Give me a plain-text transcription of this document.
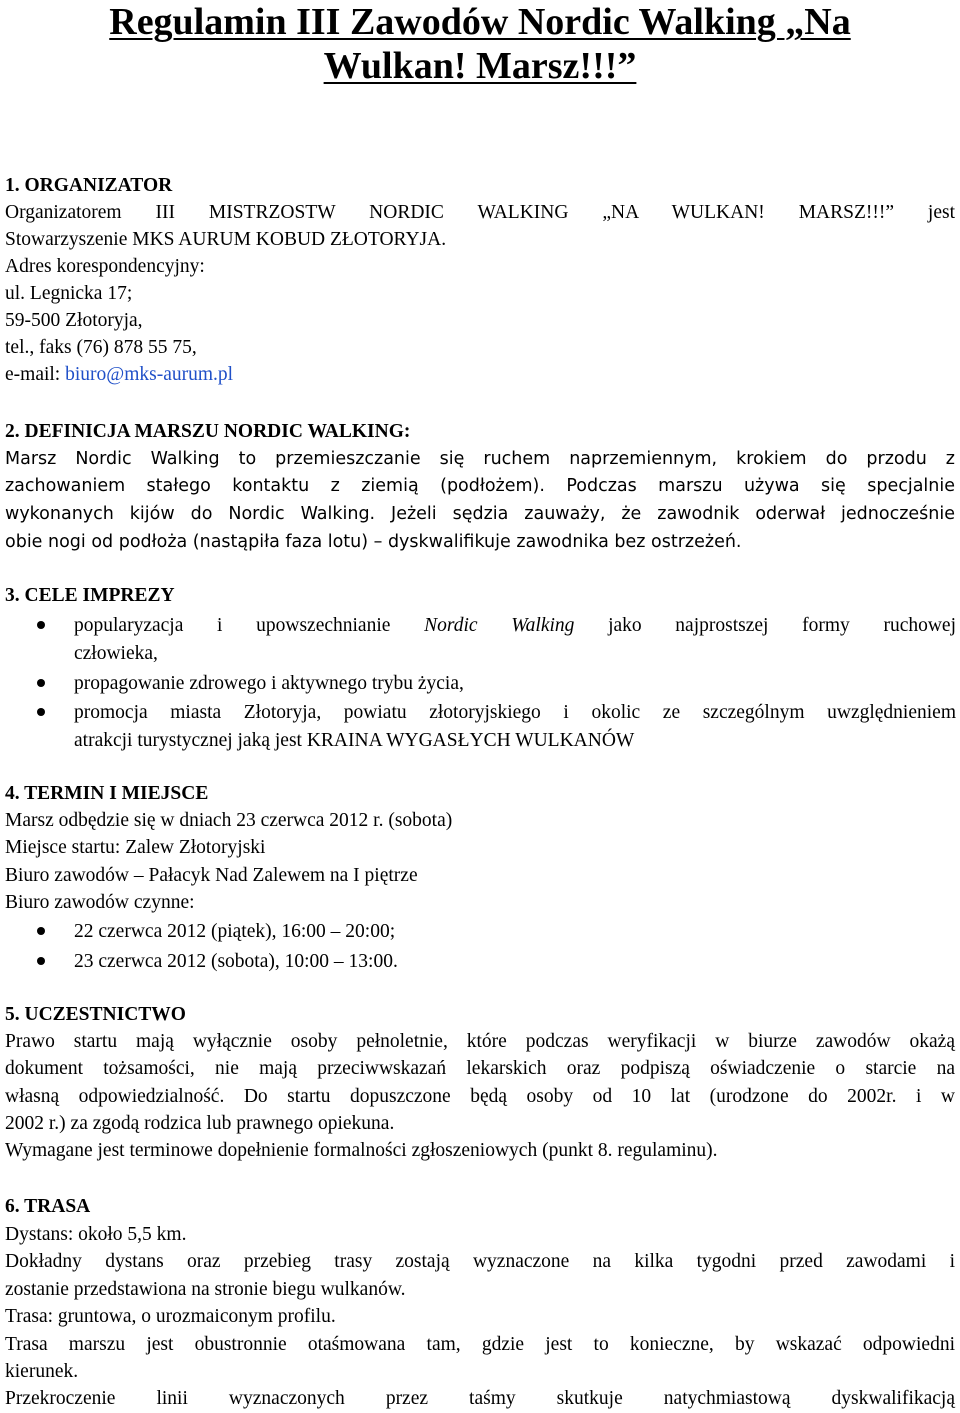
Regulamin III Zawodów Nordic Walking „Na
Wulkan! Marsz!!!”
1. ORGANIZATOR
Organizatorem III MISTRZOSTW NORDIC WALKING „NA WULKAN! MARSZ!!!” jest
Stowarzyszenie MKS AURUM KOBUD ZŁOTORYJA.
Adres korespondencyjny:
ul. Legnicka 17;
59-500 Złotoryja,
tel., faks (76) 878 55 75,
e-mail: biuro@mks-aurum.pl
2. DEFINICJA MARSZU NORDIC WALKING:
Marsz Nordic Walking to przemieszczanie się ruchem naprzemiennym, krokiem do przodu z
zachowaniem stałego kontaktu z ziemią (podłożem). Podczas marszu używa się specjalnie
wykonanych kijów do Nordic Walking. Jeżeli sędzia zauważy, że zawodnik oderwał jednocześnie
obie nogi od podłoża (nastąpiła faza lotu) – dyskwalifikuje zawodnika bez ostrzeżeń.
3. CELE IMPREZY
popularyzacja i upowszechnianie Nordic Walking jako najprostszej formy ruchowej
człowieka,
propagowanie zdrowego i aktywnego trybu życia,
promocja miasta Złotoryja, powiatu złotoryjskiego i okolic ze szczególnym uwzględnieniem
atrakcji turystycznej jaką jest KRAINA WYGASŁYCH WULKANÓW
4. TERMIN I MIEJSCE
Marsz odbędzie się w dniach 23 czerwca 2012 r. (sobota)
Miejsce startu: Zalew Złotoryjski
Biuro zawodów – Pałacyk Nad Zalewem na I piętrze
Biuro zawodów czynne:
22 czerwca 2012 (piątek), 16:00 – 20:00;
23 czerwca 2012 (sobota), 10:00 – 13:00.
5. UCZESTNICTWO
Prawo startu mają wyłącznie osoby pełnoletnie, które podczas weryfikacji w biurze zawodów okażą
dokument tożsamości, nie mają przeciwwskazań lekarskich oraz podpiszą oświadczenie o starcie na
własną odpowiedzialność. Do startu dopuszczone będą osoby od 10 lat (urodzone do 2002r. i w
2002 r.) za zgodą rodzica lub prawnego opiekuna.
Wymagane jest terminowe dopełnienie formalności zgłoszeniowych (punkt 8. regulaminu).
6. TRASA
Dystans: około 5,5 km.
Dokładny dystans oraz przebieg trasy zostają wyznaczone na kilka tygodni przed zawodami i
zostanie przedstawiona na stronie biegu wulkanów.
Trasa: gruntowa, o urozmaiconym profilu.
Trasa marszu jest obustronnie otaśmowana tam, gdzie jest to konieczne, by wskazać odpowiedni
kierunek.
Przekroczenie linii wyznaczonych przez taśmy skutkuje natychmiastową dyskwalifikacją
